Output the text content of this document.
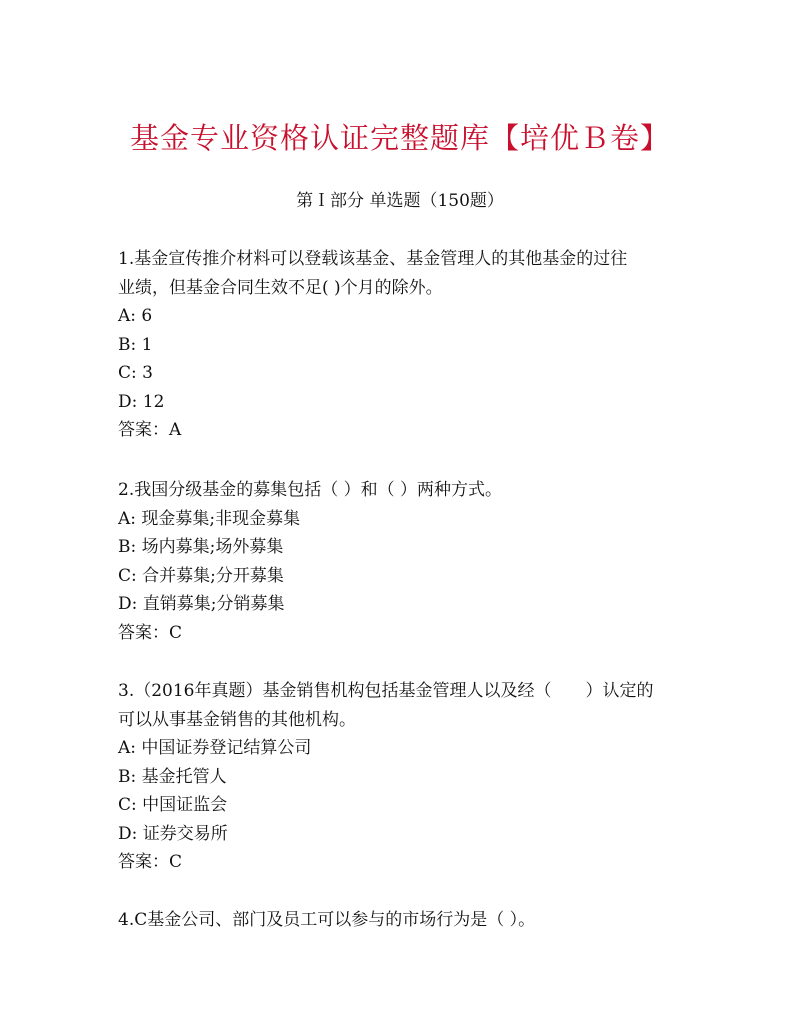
基金专业资格认证完整题库【培优Ｂ卷】
第Ｉ部分 单选题（150题）
1.基金宣传推介材料可以登载该基金、基金管理人的其他基金的过往
业绩，但基金合同生效不足( )个月的除外。
A: 6
B: 1
C: 3
D: 12
答案：A
2.我国分级基金的募集包括（ ）和（ ）两种方式。
A: 现金募集;非现金募集
B: 场内募集;场外募集
C: 合并募集;分开募集
D: 直销募集;分销募集
答案：C
3.（2016年真题）基金销售机构包括基金管理人以及经（　　）认定的
可以从事基金销售的其他机构。
A: 中国证券登记结算公司
B: 基金托管人
C: 中国证监会
D: 证券交易所
答案：C
4.C基金公司、部门及员工可以参与的市场行为是（ ）。
